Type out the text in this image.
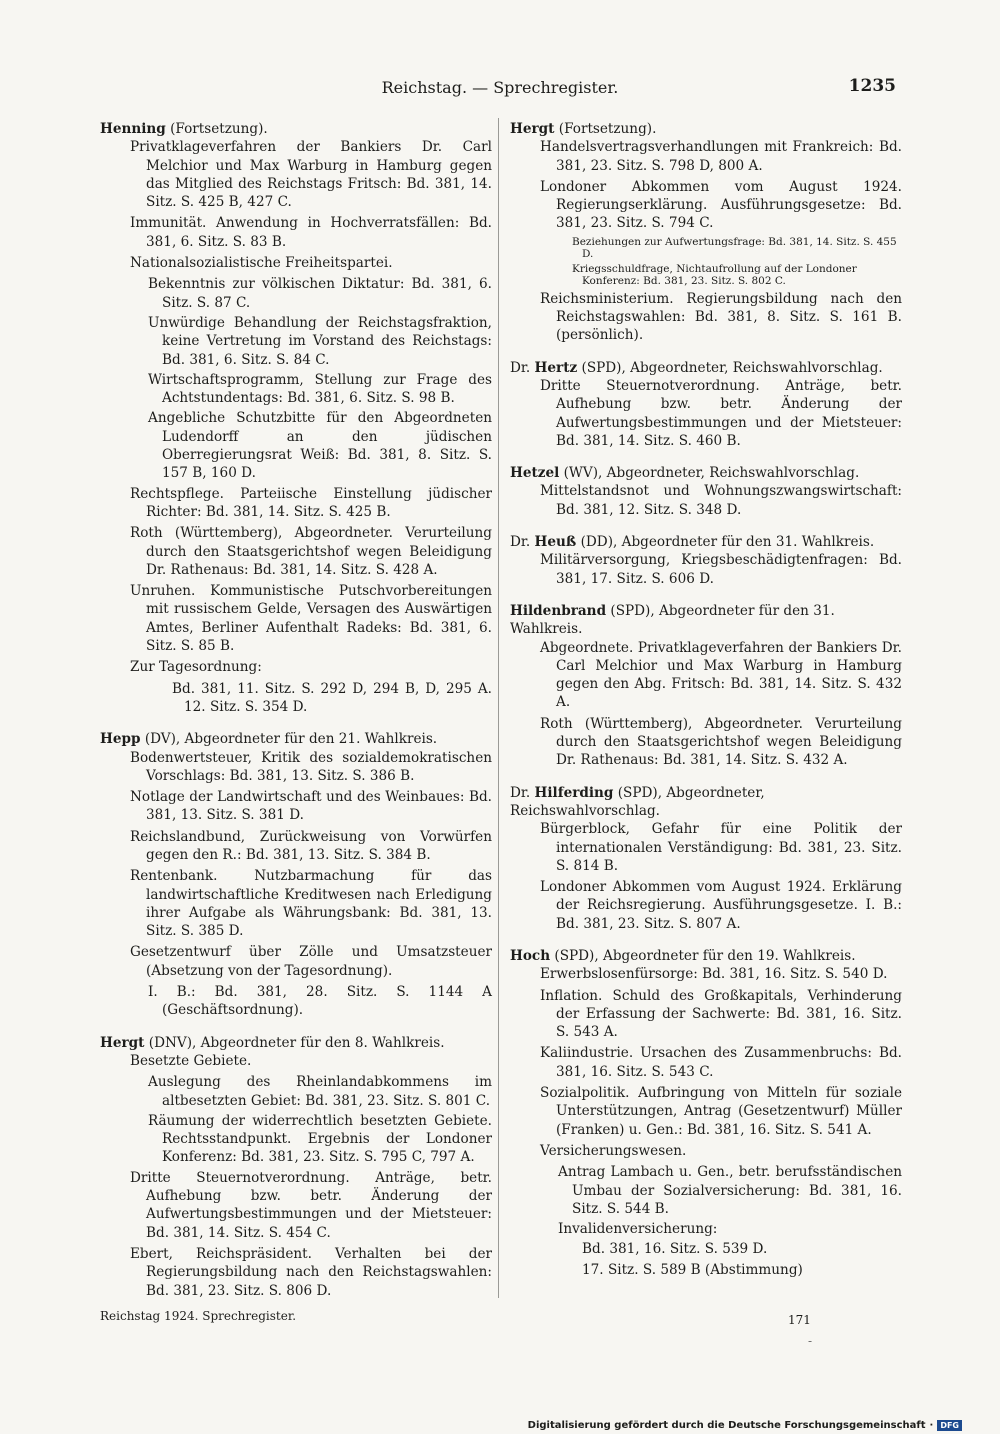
Reichstag. — Sprechregister.	1235
Henning (Fortsetzung).
Privatklageverfahren der Bankiers Dr. Carl Melchior und Max Warburg in Hamburg gegen das Mitglied des Reichstags Fritsch: Bd. 381, 14. Sitz. S. 425 B, 427 C.
Immunität. Anwendung in Hochverratsfällen: Bd. 381, 6. Sitz. S. 83 B.
Nationalsozialistische Freiheitspartei.
Bekenntnis zur völkischen Diktatur: Bd. 381, 6. Sitz. S. 87 C.
Unwürdige Behandlung der Reichstagsfraktion, keine Vertretung im Vorstand des Reichstags: Bd. 381, 6. Sitz. S. 84 C.
Wirtschaftsprogramm, Stellung zur Frage des Achtstundentags: Bd. 381, 6. Sitz. S. 98 B.
Angebliche Schutzbitte für den Abgeordneten Ludendorff an den jüdischen Oberregierungsrat Weiß: Bd. 381, 8. Sitz. S. 157 B, 160 D.
Rechtspflege. Parteiische Einstellung jüdischer Richter: Bd. 381, 14. Sitz. S. 425 B.
Roth (Württemberg), Abgeordneter. Verurteilung durch den Staatsgerichtshof wegen Beleidigung Dr. Rathenaus: Bd. 381, 14. Sitz. S. 428 A.
Unruhen. Kommunistische Putschvorbereitungen mit russischem Gelde, Versagen des Auswärtigen Amtes, Berliner Aufenthalt Radeks: Bd. 381, 6. Sitz. S. 85 B.
Zur Tagesordnung:
Bd. 381, 11. Sitz. S. 292 D, 294 B, D, 295 A. 12. Sitz. S. 354 D.
Hepp (DV), Abgeordneter für den 21. Wahlkreis.
Bodenwertsteuer, Kritik des sozialdemokratischen Vorschlags: Bd. 381, 13. Sitz. S. 386 B.
Notlage der Landwirtschaft und des Weinbaues: Bd. 381, 13. Sitz. S. 381 D.
Reichslandbund, Zurückweisung von Vorwürfen gegen den R.: Bd. 381, 13. Sitz. S. 384 B.
Rentenbank. Nutzbarmachung für das landwirtschaftliche Kreditwesen nach Erledigung ihrer Aufgabe als Währungsbank: Bd. 381, 13. Sitz. S. 385 D.
Gesetzentwurf über Zölle und Umsatzsteuer (Absetzung von der Tagesordnung).
I. B.: Bd. 381, 28. Sitz. S. 1144 A (Geschäftsordnung).
Hergt (DNV), Abgeordneter für den 8. Wahlkreis.
Besetzte Gebiete.
Auslegung des Rheinlandabkommens im altbesetzten Gebiet: Bd. 381, 23. Sitz. S. 801 C.
Räumung der widerrechtlich besetzten Gebiete. Rechtsstandpunkt. Ergebnis der Londoner Konferenz: Bd. 381, 23. Sitz. S. 795 C, 797 A.
Dritte Steuernotverordnung. Anträge, betr. Aufhebung bzw. betr. Änderung der Aufwertungsbestimmungen und der Mietsteuer: Bd. 381, 14. Sitz. S. 454 C.
Ebert, Reichspräsident. Verhalten bei der Regierungsbildung nach den Reichstagswahlen: Bd. 381, 23. Sitz. S. 806 D.
Hergt (Fortsetzung).
Handelsvertragsverhandlungen mit Frankreich: Bd. 381, 23. Sitz. S. 798 D, 800 A.
Londoner Abkommen vom August 1924. Regierungserklärung. Ausführungsgesetze: Bd. 381, 23. Sitz. S. 794 C.
Beziehungen zur Aufwertungsfrage: Bd. 381, 14. Sitz. S. 455 D.
Kriegsschuldfrage, Nichtaufrollung auf der Londoner Konferenz: Bd. 381, 23. Sitz. S. 802 C.
Reichsministerium. Regierungsbildung nach den Reichstagswahlen: Bd. 381, 8. Sitz. S. 161 B. (persönlich).
Dr. Hertz (SPD), Abgeordneter, Reichswahlvorschlag.
Dritte Steuernotverordnung. Anträge, betr. Aufhebung bzw. betr. Änderung der Aufwertungsbestimmungen und der Mietsteuer: Bd. 381, 14. Sitz. S. 460 B.
Hetzel (WV), Abgeordneter, Reichswahlvorschlag.
Mittelstandsnot und Wohnungszwangswirtschaft: Bd. 381, 12. Sitz. S. 348 D.
Dr. Heuß (DD), Abgeordneter für den 31. Wahlkreis.
Militärversorgung, Kriegsbeschädigtenfragen: Bd. 381, 17. Sitz. S. 606 D.
Hildenbrand (SPD), Abgeordneter für den 31. Wahlkreis.
Abgeordnete. Privatklageverfahren der Bankiers Dr. Carl Melchior und Max Warburg in Hamburg gegen den Abg. Fritsch: Bd. 381, 14. Sitz. S. 432 A.
Roth (Württemberg), Abgeordneter. Verurteilung durch den Staatsgerichtshof wegen Beleidigung Dr. Rathenaus: Bd. 381, 14. Sitz. S. 432 A.
Dr. Hilferding (SPD), Abgeordneter, Reichswahlvorschlag.
Bürgerblock, Gefahr für eine Politik der internationalen Verständigung: Bd. 381, 23. Sitz. S. 814 B.
Londoner Abkommen vom August 1924. Erklärung der Reichsregierung. Ausführungsgesetze. I. B.: Bd. 381, 23. Sitz. S. 807 A.
Hoch (SPD), Abgeordneter für den 19. Wahlkreis.
Erwerbslosenfürsorge: Bd. 381, 16. Sitz. S. 540 D.
Inflation. Schuld des Großkapitals, Verhinderung der Erfassung der Sachwerte: Bd. 381, 16. Sitz. S. 543 A.
Kaliindustrie. Ursachen des Zusammenbruchs: Bd. 381, 16. Sitz. S. 543 C.
Sozialpolitik. Aufbringung von Mitteln für soziale Unterstützungen, Antrag (Gesetzentwurf) Müller (Franken) u. Gen.: Bd. 381, 16. Sitz. S. 541 A.
Versicherungswesen.
Antrag Lambach u. Gen., betr. berufsständischen Umbau der Sozialversicherung: Bd. 381, 16. Sitz. S. 544 B.
Invalidenversicherung:
Bd. 381, 16. Sitz. S. 539 D.
17. Sitz. S. 589 B (Abstimmung)
Reichstag 1924. Sprechregister.	171
-
Digitalisierung gefördert durch die Deutsche Forschungsgemeinschaft · DFG
